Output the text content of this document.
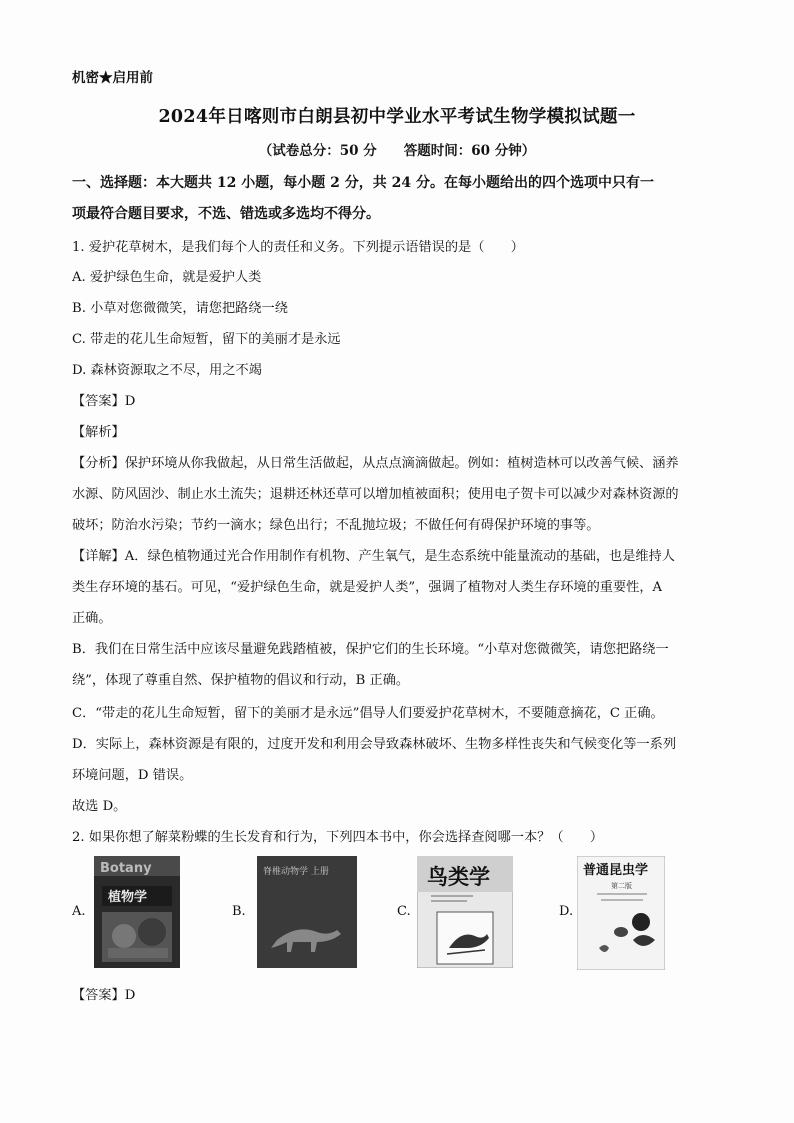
机密★启用前
2024年日喀则市白朗县初中学业水平考试生物学模拟试题一
（试卷总分：50 分　　答题时间：60 分钟）
一、选择题：本大题共 12 小题，每小题 2 分，共 24 分。在每小题给出的四个选项中只有一
项最符合题目要求，不选、错选或多选均不得分。
1. 爱护花草树木，是我们每个人的责任和义务。下列提示语错误的是（　　）
A. 爱护绿色生命，就是爱护人类
B. 小草对您微微笑，请您把路绕一绕
C. 带走的花儿生命短暂，留下的美丽才是永远
D. 森林资源取之不尽，用之不竭
【答案】D
【解析】
【分析】保护环境从你我做起，从日常生活做起，从点点滴滴做起。例如：植树造林可以改善气候、涵养
水源、防风固沙、制止水土流失；退耕还林还草可以增加植被面积；使用电子贺卡可以减少对森林资源的
破坏；防治水污染；节约一滴水；绿色出行；不乱抛垃圾；不做任何有碍保护环境的事等。
【详解】A．绿色植物通过光合作用制作有机物、产生氧气，是生态系统中能量流动的基础，也是维持人
类生存环境的基石。可见，“爱护绿色生命，就是爱护人类”，强调了植物对人类生存环境的重要性，A
正确。
B．我们在日常生活中应该尽量避免践踏植被，保护它们的生长环境。“小草对您微微笑，请您把路绕一
绕”，体现了尊重自然、保护植物的倡议和行动，B 正确。
C．“带走的花儿生命短暂，留下的美丽才是永远”倡导人们要爱护花草树木，不要随意摘花，C 正确。
D．实际上，森林资源是有限的，过度开发和利用会导致森林破坏、生物多样性丧失和气候变化等一系列
环境问题，D 错误。
故选 D。
2. 如果你想了解菜粉蝶的生长发育和行为，下列四本书中，你会选择查阅哪一本？（　　）
A.
Botany
植物学
B.
脊椎动物学 上册
C.
鸟类学
D.
普通昆虫学
第二版
【答案】D
